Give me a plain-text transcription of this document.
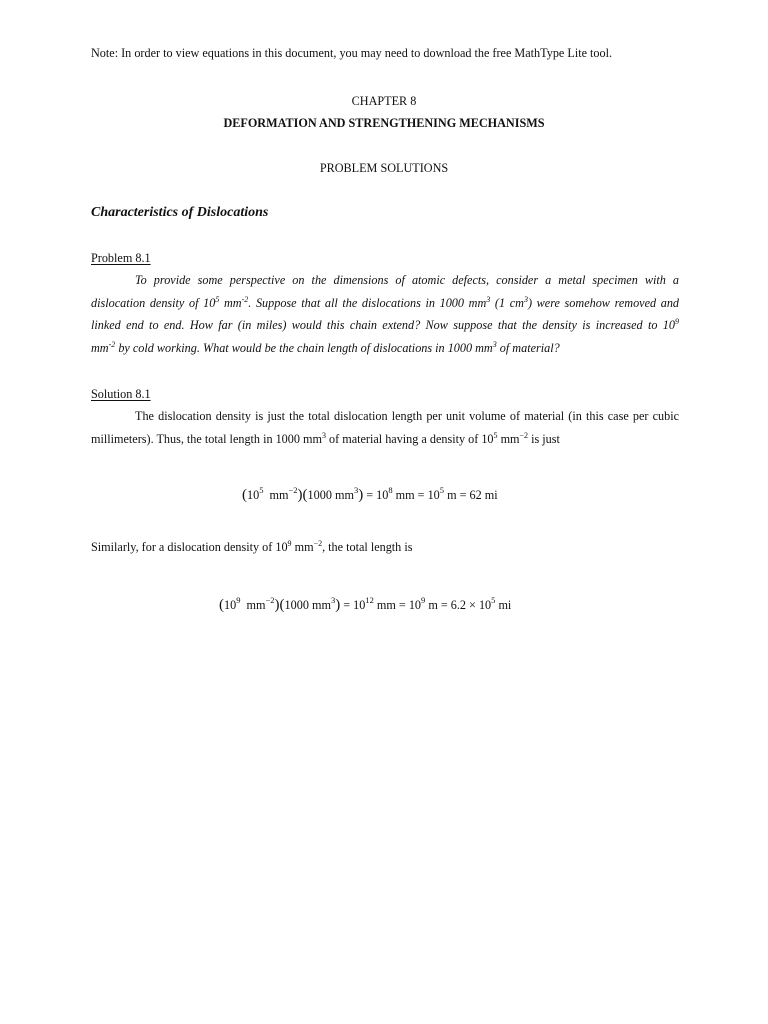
Note: In order to view equations in this document, you may need to download the free MathType Lite tool.
CHAPTER 8
DEFORMATION AND STRENGTHENING MECHANISMS
PROBLEM SOLUTIONS
Characteristics of Dislocations
Problem 8.1
To provide some perspective on the dimensions of atomic defects, consider a metal specimen with a
dislocation density of $10^5$ $mm^{-2}$. Suppose that all the dislocations in 1000 $mm^3$ (1 $cm^3$) were somehow removed and
linked end to end. How far (in miles) would this chain extend? Now suppose that the density is increased to $10^9$
$mm^{-2}$ by cold working. What would be the chain length of dislocations in 1000 $mm^3$ of material?
Solution 8.1
The dislocation density is just the total dislocation length per unit volume of material (in this case per cubic
millimeters). Thus, the total length in 1000 $mm^3$ of material having a density of $10^5$ $mm^{-2}$ is just
($10^5$ $mm^{-2})(1000$ $mm^3) = 10^8$ mm = $10^5$ m = 62 mi
Similarly, for a dislocation density of $10^9$ $mm^{-2}$, the total length is
($10^9$ $mm^{-2})(1000$ $mm^3) = 10^{12}$ mm = $10^9$ $m = 6.2 \times 10^5$ mi
